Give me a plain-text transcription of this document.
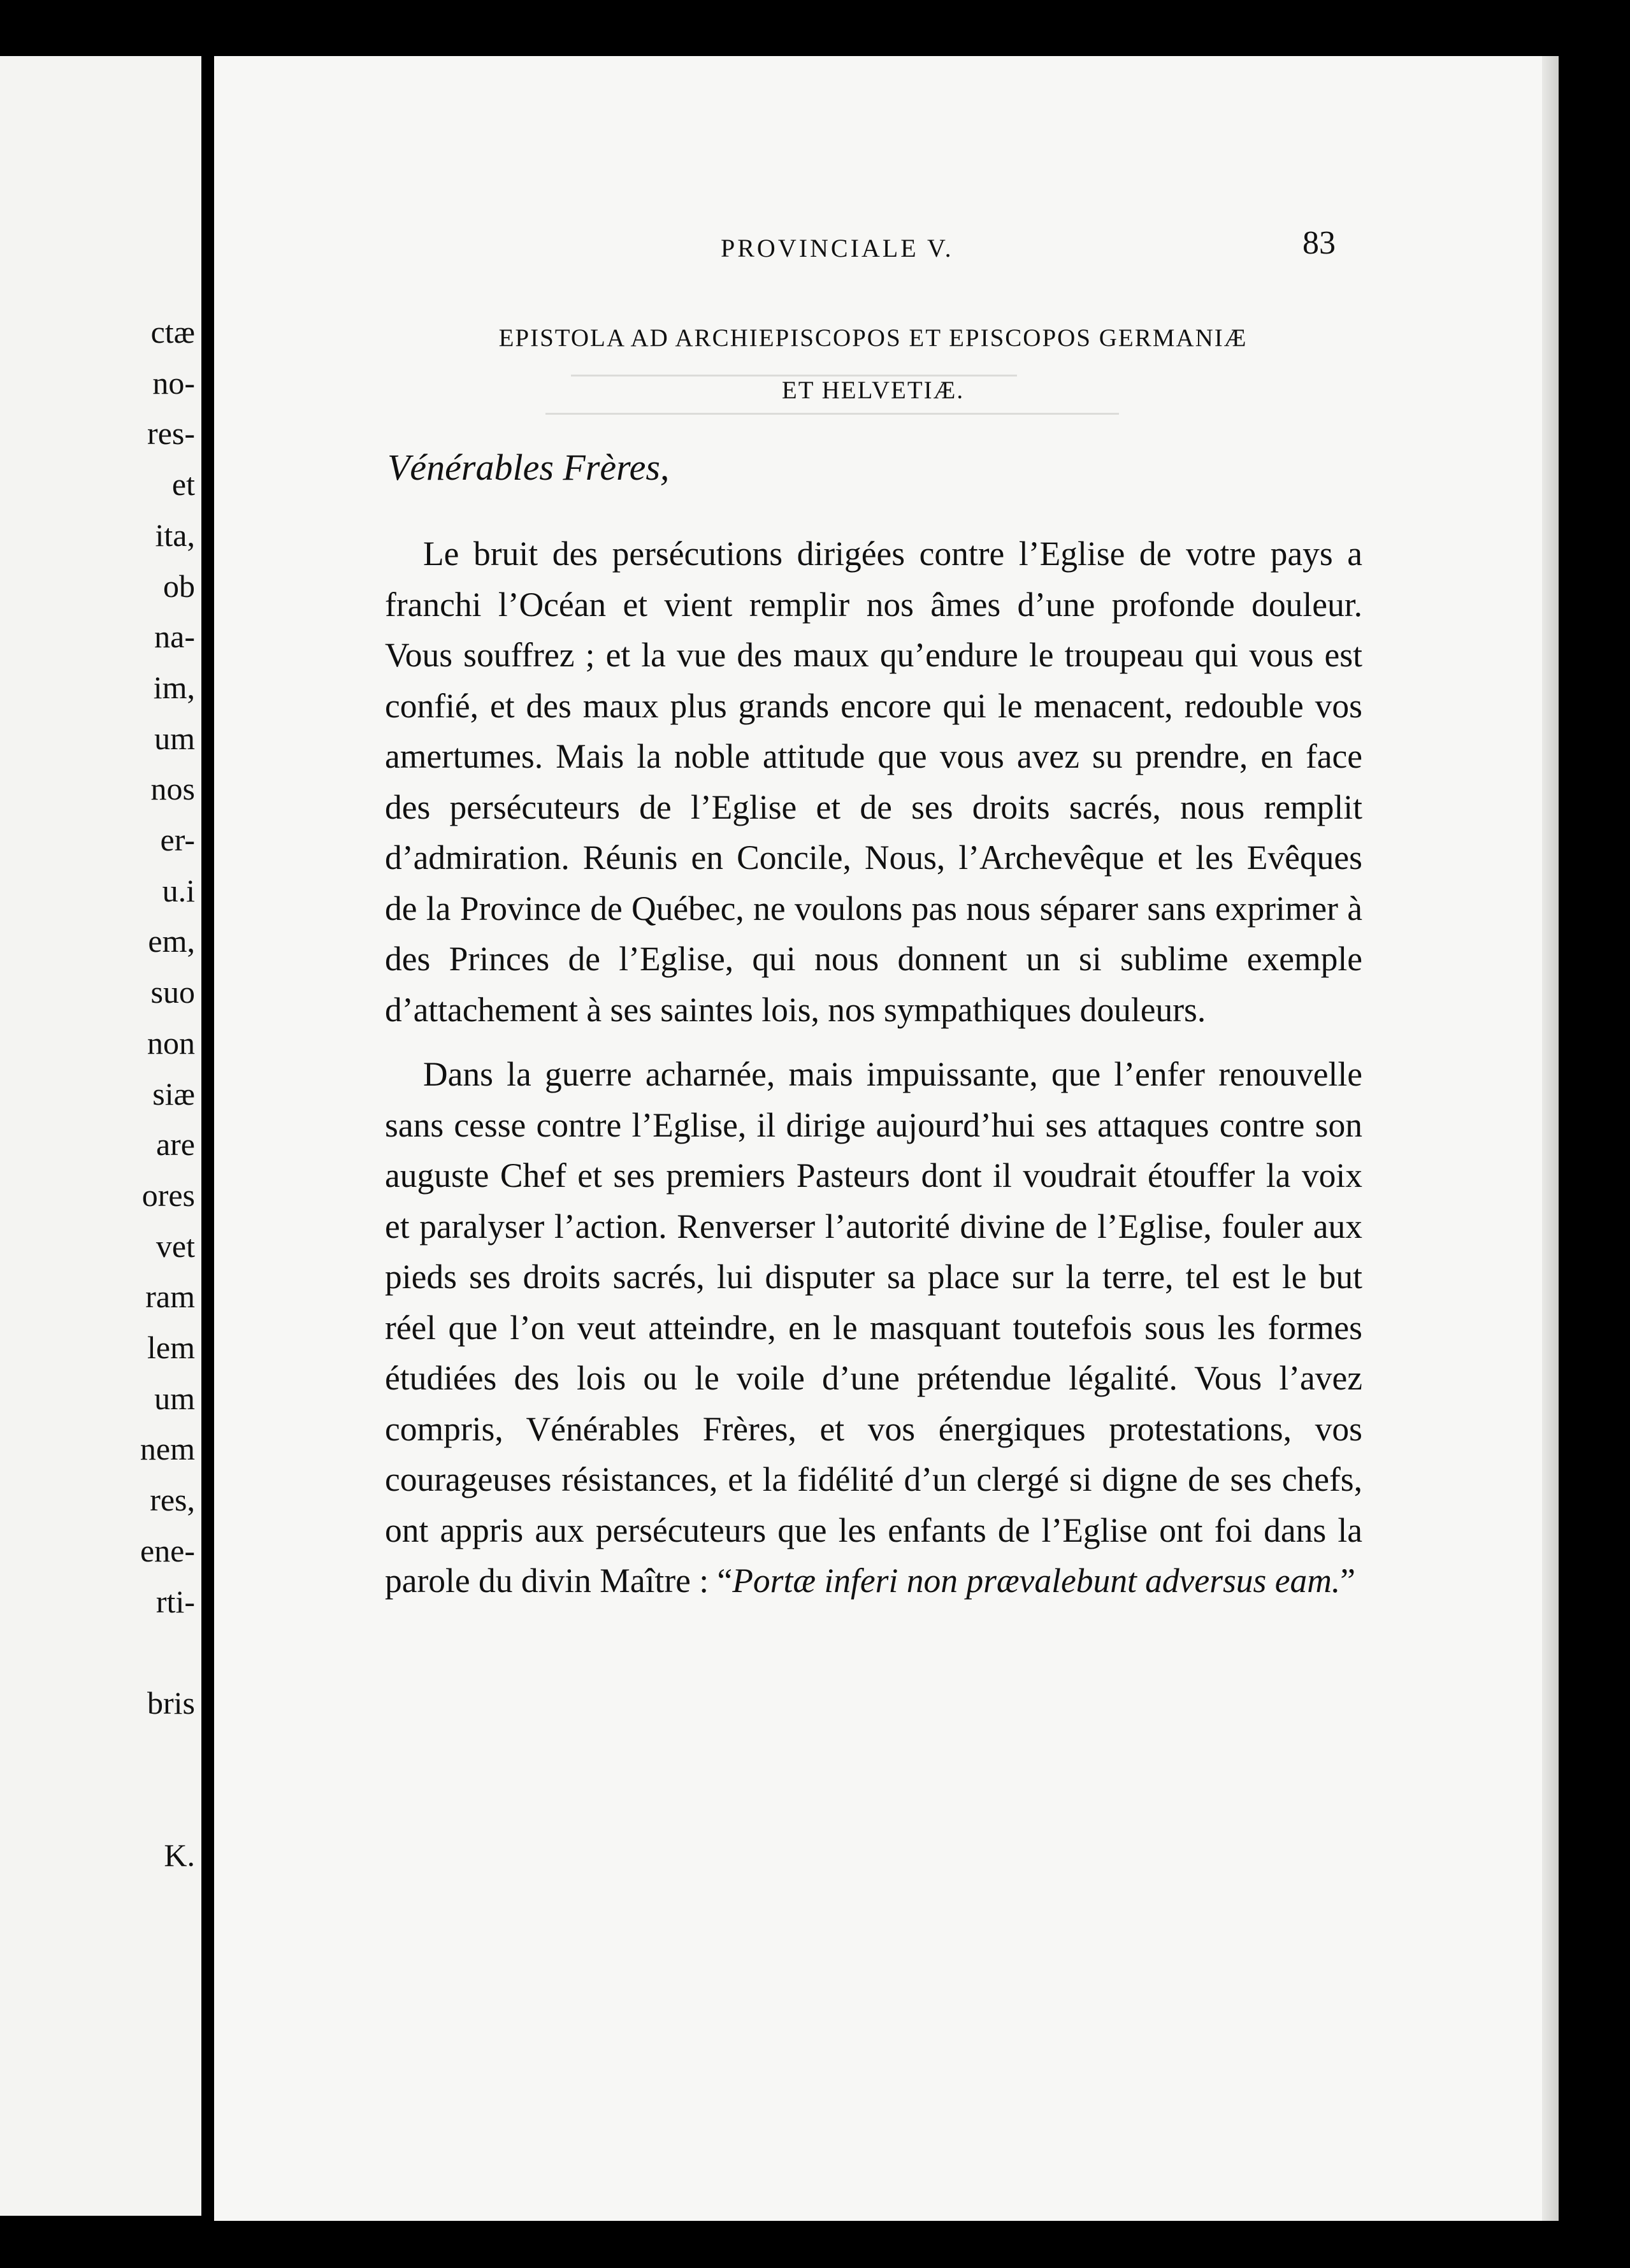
ctæ
no-
res-
et
ita,
ob
na-
im,
um
nos
er-
u.i
em,
suo
non
siæ
are
ores
vet
ram
lem
um
nem
res,
ene-
rti-
bris
K.
PROVINCIALE V.	83
EPISTOLA AD ARCHIEPISCOPOS ET EPISCOPOS GERMANIÆ
ET HELVETIÆ.
Vénérables Frères,

Le bruit des persécutions dirigées contre l’Eglise de votre pays a franchi l’Océan et vient remplir nos âmes d’une profonde douleur. Vous souffrez ; et la vue des maux qu’endure le troupeau qui vous est confié, et des maux plus grands encore qui le menacent, redouble vos amertumes. Mais la noble attitude que vous avez su prendre, en face des persécuteurs de l’Eglise et de ses droits sacrés, nous remplit d’admiration. Réunis en Concile, Nous, l’Archevêque et les Evêques de la Province de Québec, ne voulons pas nous séparer sans exprimer à des Princes de l’Eglise, qui nous donnent un si sublime exemple d’attachement à ses saintes lois, nos sympathiques douleurs.

Dans la guerre acharnée, mais impuissante, que l’enfer renouvelle sans cesse contre l’Eglise, il dirige aujourd’hui ses attaques contre son auguste Chef et ses premiers Pasteurs dont il voudrait étouffer la voix et paralyser l’action. Renverser l’autorité divine de l’Eglise, fouler aux pieds ses droits sacrés, lui disputer sa place sur la terre, tel est le but réel que l’on veut atteindre, en le masquant toutefois sous les formes étudiées des lois ou le voile d’une prétendue légalité. Vous l’avez compris, Vénérables Frères, et vos énergiques protestations, vos courageuses résistances, et la fidélité d’un clergé si digne de ses chefs, ont appris aux persécuteurs que les enfants de l’Eglise ont foi dans la parole du divin Maître : “Portæ inferi non prævalebunt adversus eam.”
